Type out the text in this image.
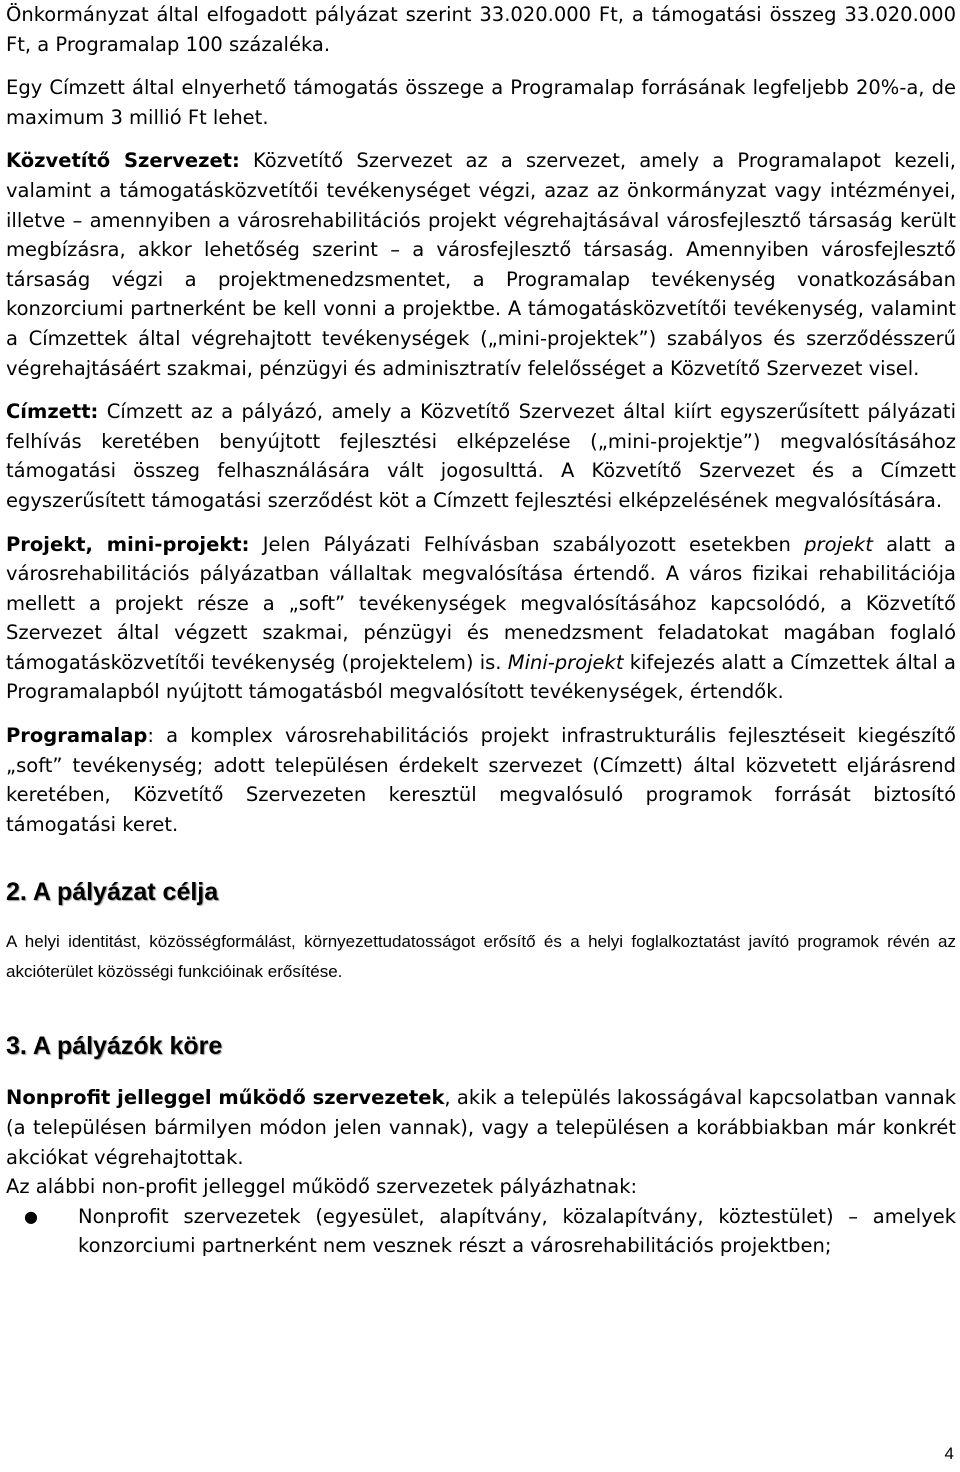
Önkormányzat által elfogadott pályázat szerint 33.020.000 Ft, a támogatási összeg 33.020.000 Ft, a Programalap 100 százaléka.

Egy Címzett által elnyerhető támogatás összege a Programalap forrásának legfeljebb 20%-a, de maximum 3 millió Ft lehet.

Közvetítő Szervezet: Közvetítő Szervezet az a szervezet, amely a Programalapot kezeli, valamint a támogatásközvetítői tevékenységet végzi, azaz az önkormányzat vagy intézményei, illetve – amennyiben a városrehabilitációs projekt végrehajtásával városfejlesztő társaság került megbízásra, akkor lehetőség szerint – a városfejlesztő társaság. Amennyiben városfejlesztő társaság végzi a projektmenedzsmentet, a Programalap tevékenység vonatkozásában konzorciumi partnerként be kell vonni a projektbe. A támogatásközvetítői tevékenység, valamint a Címzettek által végrehajtott tevékenységek („mini-projektek”) szabályos és szerződésszerű végrehajtásáért szakmai, pénzügyi és adminisztratív felelősséget a Közvetítő Szervezet visel.

Címzett: Címzett az a pályázó, amely a Közvetítő Szervezet által kiírt egyszerűsített pályázati felhívás keretében benyújtott fejlesztési elképzelése („mini-projektje”) megvalósításához támogatási összeg felhasználására vált jogosulttá. A Közvetítő Szervezet és a Címzett egyszerűsített támogatási szerződést köt a Címzett fejlesztési elképzelésének megvalósítására.

Projekt, mini-projekt: Jelen Pályázati Felhívásban szabályozott esetekben projekt alatt a városrehabilitációs pályázatban vállaltak megvalósítása értendő. A város fizikai rehabilitációja mellett a projekt része a „soft” tevékenységek megvalósításához kapcsolódó, a Közvetítő Szervezet által végzett szakmai, pénzügyi és menedzsment feladatokat magában foglaló támogatásközvetítői tevékenység (projektelem) is. Mini-projekt kifejezés alatt a Címzettek által a Programalapból nyújtott támogatásból megvalósított tevékenységek, értendők.

Programalap: a komplex városrehabilitációs projekt infrastrukturális fejlesztéseit kiegészítő „soft” tevékenység; adott településen érdekelt szervezet (Címzett) által közvetett eljárásrend keretében, Közvetítő Szervezeten keresztül megvalósuló programok forrását biztosító támogatási keret.

2. A pályázat célja

A helyi identitást, közösségformálást, környezettudatosságot erősítő és a helyi foglalkoztatást javító programok révén az akcióterület közösségi funkcióinak erősítése.

3. A pályázók köre

Nonprofit jelleggel működő szervezetek, akik a település lakosságával kapcsolatban vannak (a településen bármilyen módon jelen vannak), vagy a településen a korábbiakban már konkrét akciókat végrehajtottak.

Az alábbi non-profit jelleggel működő szervezetek pályázhatnak:

● Nonprofit szervezetek (egyesület, alapítvány, közalapítvány, köztestület) – amelyek konzorciumi partnerként nem vesznek részt a városrehabilitációs projektben;
4
